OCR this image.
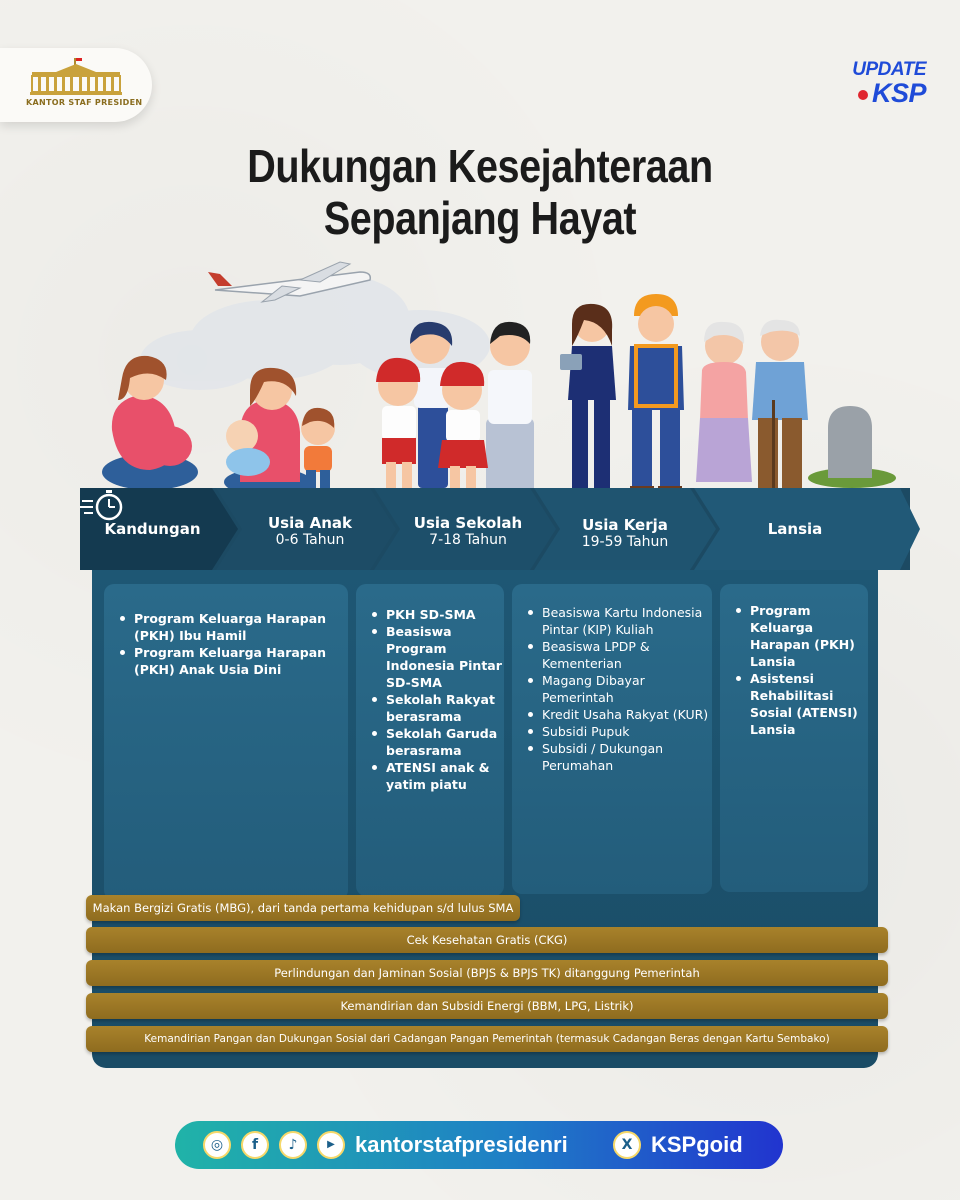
KANTOR STAF PRESIDEN
UPDATE
KSP
Dukungan Kesejahteraan
Sepanjang Hayat
Kandungan	Usia Anak
0-6 Tahun
Usia Sekolah
7-18 Tahun
Usia Kerja
19-59 Tahun
Lansia
Program Keluarga Harapan (PKH) Ibu Hamil
Program Keluarga Harapan (PKH) Anak Usia Dini
PKH SD-SMA
Beasiswa Program Indonesia Pintar SD-SMA
Sekolah Rakyat berasrama
Sekolah Garuda berasrama
ATENSI anak & yatim piatu
Beasiswa Kartu Indonesia Pintar (KIP) Kuliah
Beasiswa LPDP & Kementerian
Magang Dibayar Pemerintah
Kredit Usaha Rakyat (KUR)
Subsidi Pupuk
Subsidi / Dukungan Perumahan
Program Keluarga Harapan (PKH) Lansia
Asistensi Rehabilitasi Sosial (ATENSI) Lansia
Makan Bergizi Gratis (MBG), dari tanda pertama kehidupan s/d lulus SMA
Cek Kesehatan Gratis (CKG)
Perlindungan dan Jaminan Sosial (BPJS & BPJS TK) ditanggung Pemerintah
Kemandirian dan Subsidi Energi (BBM, LPG, Listrik)
Kemandirian Pangan dan Dukungan Sosial dari Cadangan Pangan Pemerintah (termasuk Cadangan Beras dengan Kartu Sembako)
◎	f	♪	▶ kantorstafpresidenri	X KSPgoid
